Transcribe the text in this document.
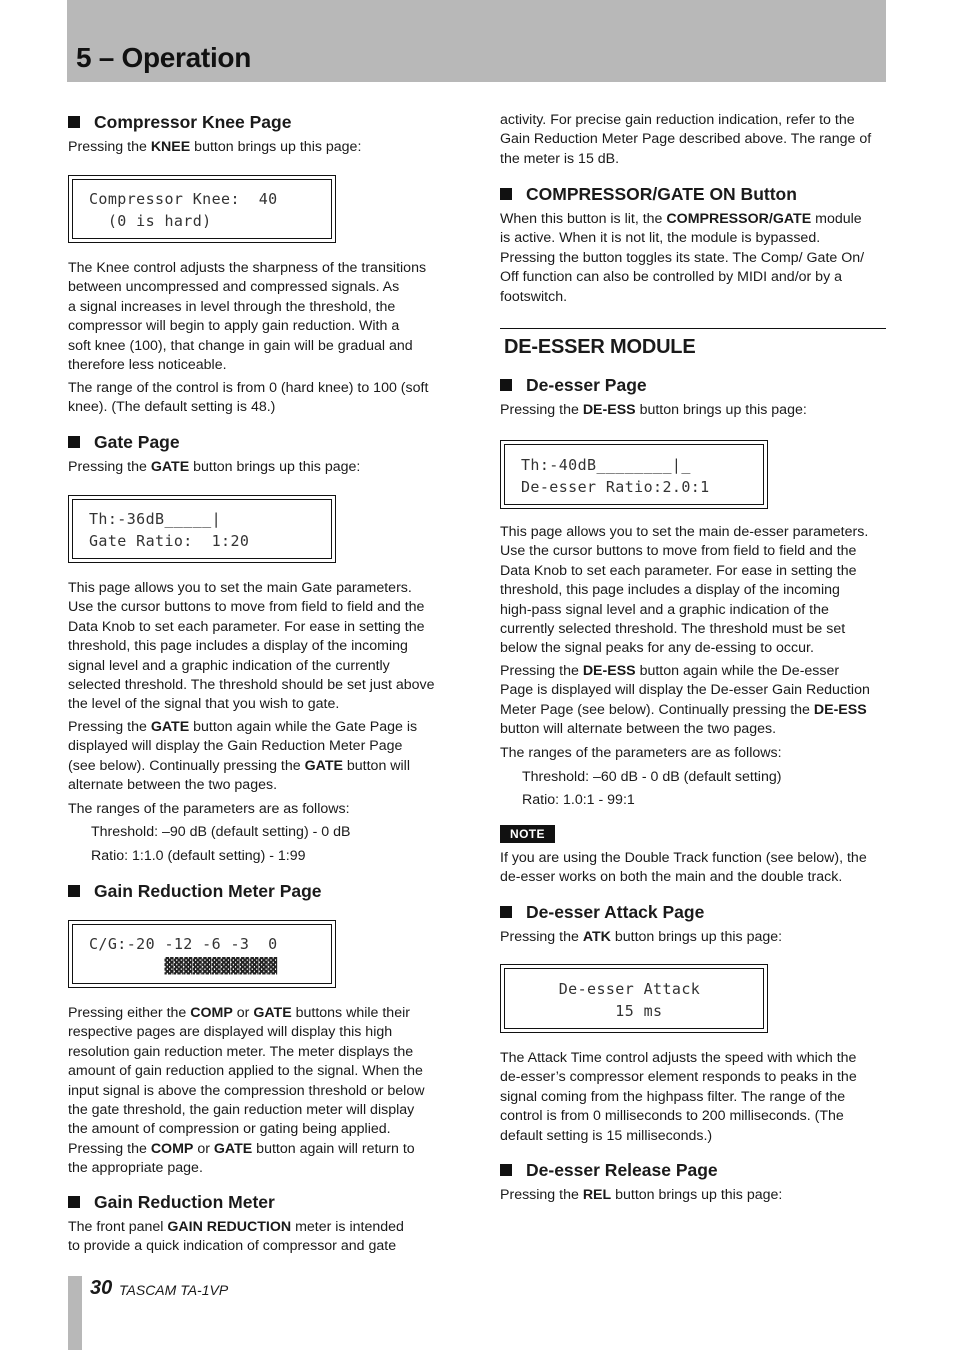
5 – Operation
Compressor Knee Page
Pressing the KNEE button brings up this page:
Compressor Knee:  40
(0 is hard)
The Knee control adjusts the sharpness of the transitions
between uncompressed and compressed signals. As
a signal increases in level through the threshold, the
compressor will begin to apply gain reduction. With a
soft knee (100), that change in gain will be gradual and
therefore less noticeable.
The range of the control is from 0 (hard knee) to 100 (soft
knee). (The default setting is 48.)
Gate Page
Pressing the GATE button brings up this page:
Th:-36dB_____|
Gate Ratio:  1:20
This page allows you to set the main Gate parameters.
Use the cursor buttons to move from field to field and the
Data Knob to set each parameter. For ease in setting the
threshold, this page includes a display of the incoming
signal level and a graphic indication of the currently
selected threshold. The threshold should be set just above
the level of the signal that you wish to gate.
Pressing the GATE button again while the Gate Page is
displayed will display the Gain Reduction Meter Page
(see below). Continually pressing the GATE button will
alternate between the two pages.
The ranges of the parameters are as follows:
Threshold: –90 dB (default setting) - 0 dB
Ratio: 1:1.0 (default setting) - 1:99
Gain Reduction Meter Page
C/G:-20 -12 -6 -3  0
▓▓▓▓▓▓▓▓▓▓▓▓
Pressing either the COMP or GATE buttons while their
respective pages are displayed will display this high
resolution gain reduction meter. The meter displays the
amount of gain reduction applied to the signal. When the
input signal is above the compression threshold or below
the gate threshold, the gain reduction meter will display
the amount of compression or gating being applied.
Pressing the COMP or GATE button again will return to
the appropriate page.
Gain Reduction Meter
The front panel GAIN REDUCTION meter is intended
to provide a quick indication of compressor and gate
activity. For precise gain reduction indication, refer to the
Gain Reduction Meter Page described above. The range of
the meter is 15 dB.
COMPRESSOR/GATE ON Button
When this button is lit, the COMPRESSOR/GATE module
is active. When it is not lit, the module is bypassed.
Pressing the button toggles its state. The Comp/ Gate On/
Off function can also be controlled by MIDI and/or by a
footswitch.
DE-ESSER MODULE
De-esser Page
Pressing the DE-ESS button brings up this page:
Th:-40dB________|_
De-esser Ratio:2.0:1
This page allows you to set the main de-esser parameters.
Use the cursor buttons to move from field to field and the
Data Knob to set each parameter. For ease in setting the
threshold, this page includes a display of the incoming
high-pass signal level and a graphic indication of the
currently selected threshold. The threshold must be set
below the signal peaks for any de-essing to occur.
Pressing the DE-ESS button again while the De-esser
Page is displayed will display the De-esser Gain Reduction
Meter Page (see below). Continually pressing the DE-ESS
button will alternate between the two pages.
The ranges of the parameters are as follows:
Threshold: –60 dB - 0 dB (default setting)
Ratio: 1.0:1 - 99:1
NOTE
If you are using the Double Track function (see below), the
de-esser works on both the main and the double track.
De-esser Attack Page
Pressing the ATK button brings up this page:
De-esser Attack
15 ms
The Attack Time control adjusts the speed with which the
de-esser’s compressor element responds to peaks in the
signal coming from the highpass filter. The range of the
control is from 0 milliseconds to 200 milliseconds. (The
default setting is 15 milliseconds.)
De-esser Release Page
Pressing the REL button brings up this page:
30 TASCAM TA-1VP
